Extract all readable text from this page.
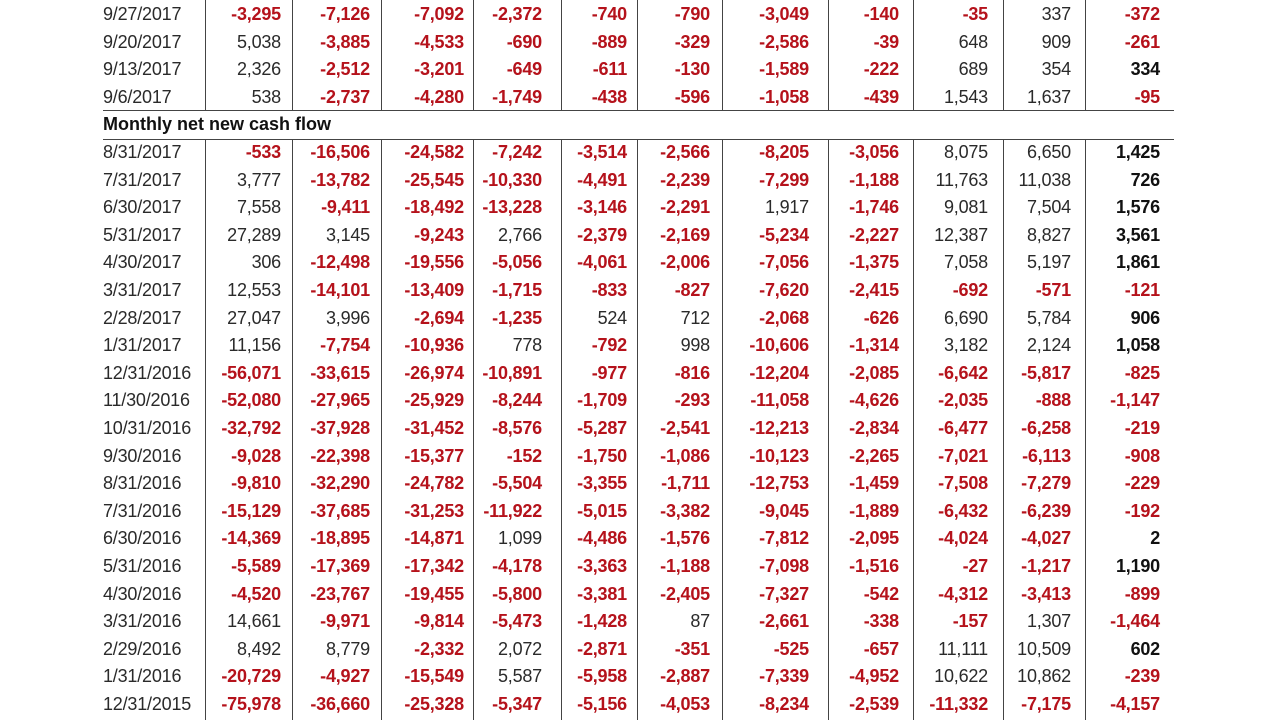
Monthly net new cash flow
9/27/2017	-3,295	-7,126	-7,092	-2,372	-740	-790	-3,049	-140	-35	337	-372
9/20/2017	5,038	-3,885	-4,533	-690	-889	-329	-2,586	-39	648	909	-261
9/13/2017	2,326	-2,512	-3,201	-649	-611	-130	-1,589	-222	689	354	334
9/6/2017	538	-2,737	-4,280	-1,749	-438	-596	-1,058	-439	1,543	1,637	-95
8/31/2017	-533	-16,506	-24,582	-7,242	-3,514	-2,566	-8,205	-3,056	8,075	6,650	1,425
7/31/2017	3,777	-13,782	-25,545	-10,330	-4,491	-2,239	-7,299	-1,188	11,763	11,038	726
6/30/2017	7,558	-9,411	-18,492	-13,228	-3,146	-2,291	1,917	-1,746	9,081	7,504	1,576
5/31/2017	27,289	3,145	-9,243	2,766	-2,379	-2,169	-5,234	-2,227	12,387	8,827	3,561
4/30/2017	306	-12,498	-19,556	-5,056	-4,061	-2,006	-7,056	-1,375	7,058	5,197	1,861
3/31/2017	12,553	-14,101	-13,409	-1,715	-833	-827	-7,620	-2,415	-692	-571	-121
2/28/2017	27,047	3,996	-2,694	-1,235	524	712	-2,068	-626	6,690	5,784	906
1/31/2017	11,156	-7,754	-10,936	778	-792	998	-10,606	-1,314	3,182	2,124	1,058
12/31/2016	-56,071	-33,615	-26,974	-10,891	-977	-816	-12,204	-2,085	-6,642	-5,817	-825
11/30/2016	-52,080	-27,965	-25,929	-8,244	-1,709	-293	-11,058	-4,626	-2,035	-888	-1,147
10/31/2016	-32,792	-37,928	-31,452	-8,576	-5,287	-2,541	-12,213	-2,834	-6,477	-6,258	-219
9/30/2016	-9,028	-22,398	-15,377	-152	-1,750	-1,086	-10,123	-2,265	-7,021	-6,113	-908
8/31/2016	-9,810	-32,290	-24,782	-5,504	-3,355	-1,711	-12,753	-1,459	-7,508	-7,279	-229
7/31/2016	-15,129	-37,685	-31,253	-11,922	-5,015	-3,382	-9,045	-1,889	-6,432	-6,239	-192
6/30/2016	-14,369	-18,895	-14,871	1,099	-4,486	-1,576	-7,812	-2,095	-4,024	-4,027	2
5/31/2016	-5,589	-17,369	-17,342	-4,178	-3,363	-1,188	-7,098	-1,516	-27	-1,217	1,190
4/30/2016	-4,520	-23,767	-19,455	-5,800	-3,381	-2,405	-7,327	-542	-4,312	-3,413	-899
3/31/2016	14,661	-9,971	-9,814	-5,473	-1,428	87	-2,661	-338	-157	1,307	-1,464
2/29/2016	8,492	8,779	-2,332	2,072	-2,871	-351	-525	-657	11,111	10,509	602
1/31/2016	-20,729	-4,927	-15,549	5,587	-5,958	-2,887	-7,339	-4,952	10,622	10,862	-239
12/31/2015	-75,978	-36,660	-25,328	-5,347	-5,156	-4,053	-8,234	-2,539	-11,332	-7,175	-4,157
